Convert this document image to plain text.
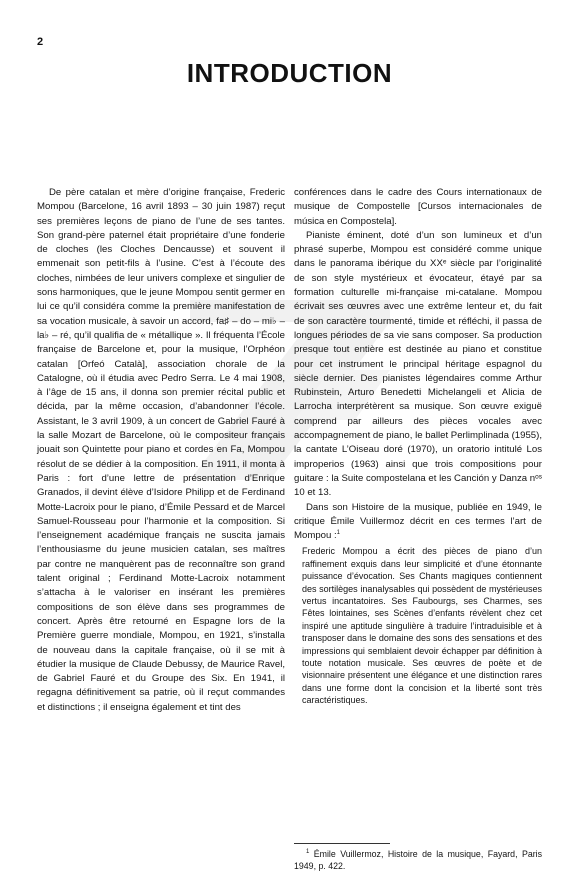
2
INTRODUCTION

De père catalan et mère d’origine française, Frederic Mompou (Barcelone, 16 avril 1893 – 30 juin 1987) reçut ses premières leçons de piano de l’une de ses tantes. Son grand-père paternel était propriétaire d’une fonderie de cloches (les Cloches Dencausse) et souvent il emmenait son petit-fils à l’usine. C’est à l’écoute des cloches, nimbées de leur univers complexe et singulier de sons harmoniques, que le jeune Mompou sentit germer en lui ce qu’il considéra comme la première manifestation de sa vocation musicale, à savoir un accord, fa♯ – do – mi♭ – la♭ – ré, qu’il qualifia de « métallique ». Il fréquenta l’École française de Barcelone et, pour la musique, l’Orphéon catalan [Orfeó Català], association chorale de la Catalogne, où il étudia avec Pedro Serra. Le 4 mai 1908, à l’âge de 15 ans, il donna son premier récital public et décida, par la même occasion, d’abandonner l’école. Assistant, le 3 avril 1909, à un concert de Gabriel Fauré à la salle Mozart de Barcelone, où le compositeur français jouait son Quintette pour piano et cordes en Fa, Mompou résolut de se dédier à la composition. En 1911, il monta à Paris : fort d’une lettre de présentation d’Enrique Granados, il devint élève d’Isidore Philipp et de Ferdinand Motte-Lacroix pour le piano, d’Émile Pessard et de Marcel Samuel-Rousseau pour l’harmonie et la composition. Si l’enseignement académique français ne suscita jamais l’enthousiasme du jeune musicien catalan, ses maîtres par contre ne manquèrent pas de reconnaître son grand talent original ; Ferdinand Motte-Lacroix notamment s’attacha à le valoriser en insérant les premières compositions de son élève dans ses programmes de concert. Après être retourné en Espagne lors de la Première guerre mondiale, Mompou, en 1921, s’installa de nouveau dans la capitale française, où il se mit à étudier la musique de Claude Debussy, de Maurice Ravel, de Gabriel Fauré et du Groupe des Six. En 1941, il regagna définitivement sa patrie, où il reçut commandes et distinctions ; il enseigna également et tint des

conférences dans le cadre des Cours internationaux de musique de Compostelle [Cursos internacionales de música en Compostela].

Pianiste éminent, doté d’un son lumineux et d’un phrasé superbe, Mompou est considéré comme unique dans le panorama ibérique du XXᵉ siècle par l’originalité de son style mystérieux et évocateur, étayé par sa formation culturelle mi-française mi-catalane. Mompou écrivait ses œuvres avec une extrême lenteur et, du fait de son caractère tourmenté, timide et réfléchi, il passa de longues périodes de sa vie sans composer. Sa production presque tout entière est destinée au piano et constitue pour cet instrument le principal héritage espagnol du siècle dernier. Des pianistes légendaires comme Arthur Rubinstein, Arturo Benedetti Michelangeli et Alicia de Larrocha interprétèrent sa musique. Son œuvre exiguë comprend par ailleurs des pièces vocales avec accompagnement de piano, le ballet Perlimplinada (1955), la cantate L’Oiseau doré (1970), un oratorio intitulé Los improperios (1963) ainsi que trois compositions pour guitare : la Suite compostelana et les Canción y Danza nᵒˢ 10 et 13.

Dans son Histoire de la musique, publiée en 1949, le critique Émile Vuillermoz décrit en ces termes l’art de Mompou :$^1$

Frederic Mompou a écrit des pièces de piano d’un raffinement exquis dans leur simplicité et d’une étonnante puissance d’évocation. Ses Chants magiques contiennent des sortilèges inanalysables qui possèdent de mystérieuses vertus incantatoires. Ses Faubourgs, ses Charmes, ses Fêtes lointaines, ses Scènes d’enfants révèlent chez cet inspiré une aptitude singulière à traduire l’intraduisible et à transposer dans le domaine des sons des sensations et des impressions qui semblaient devoir échapper par définition à toute notation musicale. Ses œuvres de poète et de visionnaire présentent une élégance et une distinction rares dans une forme dont la concision et la liberté sont très caractéristiques.

$^1$ Émile Vuillermoz, Histoire de la musique, Fayard, Paris 1949, p. 422.
